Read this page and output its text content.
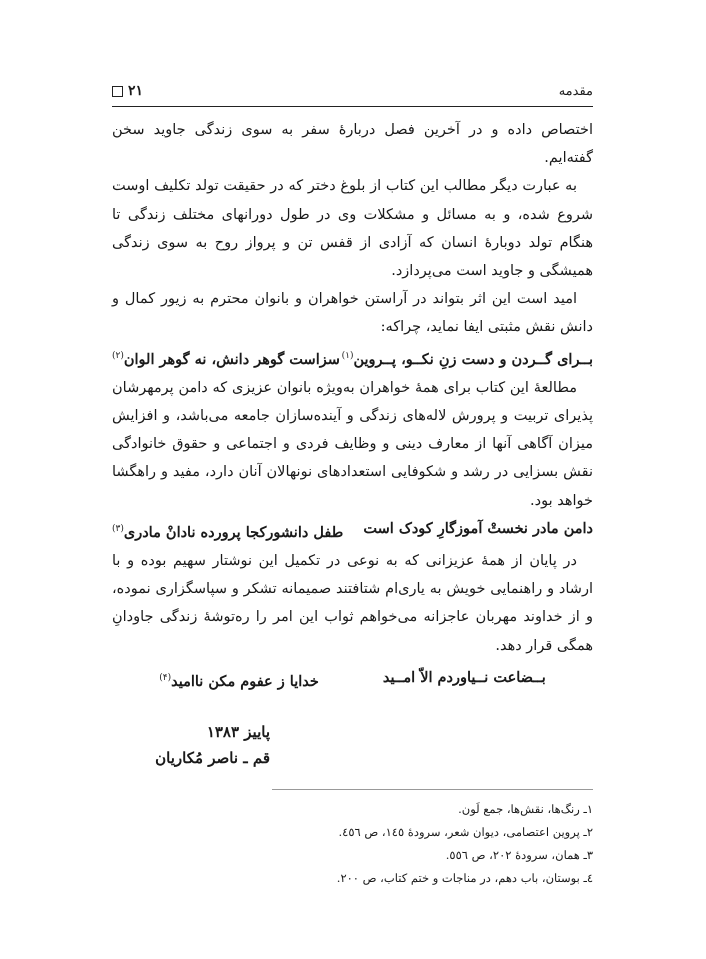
مقدمه
۲۱

اختصاص داده و در آخرین فصل دربارهٔ سفر به سوی زندگی جاوید سخن گفته‌ایم.

به عبارت دیگر مطالب این کتاب از بلوغ دختر که در حقیقت تولد تکلیف اوست شروع شده، و به مسائل و مشکلات وی در طول دورانهای مختلف زندگی تا هنگام تولد دوبارهٔ انسان که آزادی از قفس تن و پرواز روح به سوی زندگی همیشگی و جاوید است می‌پردازد.

امید است این اثر بتواند در آراستن خواهران و بانوان محترم به زیور کمال و دانش نقش مثبتی ایفا نماید، چراکه:

بــرای گــردن و دست زنِ نکــو، پــروین$^{(۱)}$
سزاست گوهر دانش، نه گوهر الوان$^{(۲)}$

مطالعهٔ این کتاب برای همهٔ خواهران به‌ویژه بانوان عزیزی که دامن پرمهرشان پذیرای تربیت و پرورش لاله‌های زندگی و آینده‌سازان جامعه می‌باشد، و افزایش میزان آگاهی آنها از معارف دینی و وظایف فردی و اجتماعی و حقوق خانوادگی نقش بسزایی در رشد و شکوفایی استعدادهای نونهالان آنان دارد، مفید و راهگشا خواهد بود.

دامن مادر نخستْ آموزگارِ کودک است
طفل دانشورکجا پرورده نادانْ مادری$^{(۳)}$

در پایان از همهٔ عزیزانی که به نوعی در تکمیل این نوشتار سهیم بوده و با ارشاد و راهنمایی خویش به یاری‌ام شتافتند صمیمانه تشکر و سپاسگزاری نموده، و از خداوند مهربان عاجزانه می‌خواهم ثواب این امر را ره‌توشهٔ زندگی جاودانِ همگی قرار دهد.

بــضاعت نــیاوردم الاّ امــید
خدایا ز عفوم مکن ناامید$^{(۴)}$
پاییز ۱۳۸۳
قم ـ ناصر مُکاریان
۱ـ رنگ‌ها، نقش‌ها، جمع لَون.
۲ـ پروین اعتصامی، دیوان شعر، سرودهٔ ١٤٥، ص ٤٥٦.
۳ـ همان، سرودهٔ ٢٠٢، ص ٥٥٦.
٤ـ بوستان، باب دهم، در مناجات و ختم کتاب، ص ٢٠٠.
